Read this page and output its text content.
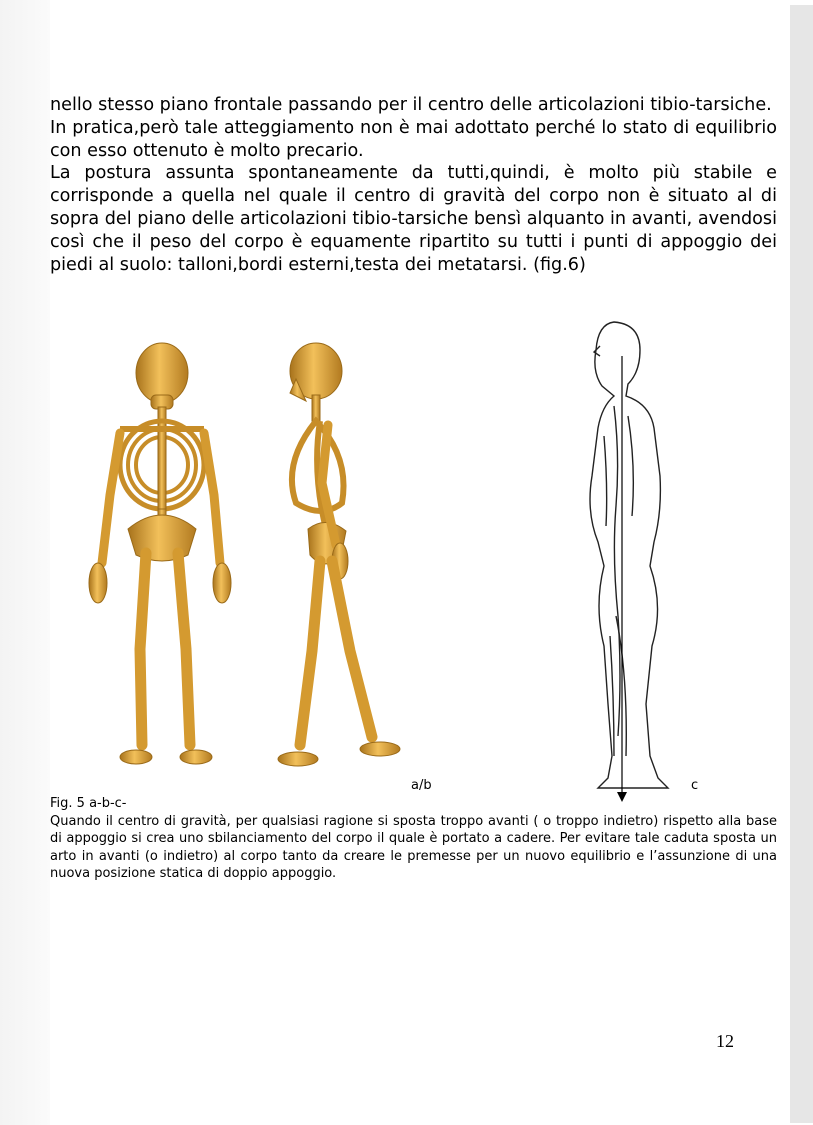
nello stesso piano frontale passando per il centro delle articolazioni tibio-tarsiche.

In pratica,però tale atteggiamento non è mai adottato perché lo stato di equilibrio con esso ottenuto è molto precario.

La postura assunta spontaneamente da tutti,quindi, è molto più stabile e corrisponde a quella nel quale il centro di gravità del corpo non è situato al di sopra del piano delle articolazioni tibio-tarsiche bensì alquanto in avanti, avendosi così che il peso del corpo è equamente ripartito su tutti i punti di appoggio dei piedi al suolo: talloni,bordi esterni,testa dei metatarsi. (fig.6)

a/b	c
Fig. 5 a-b-c-
Quando il centro di gravità, per qualsiasi ragione si sposta troppo avanti ( o troppo indietro) rispetto alla base di appoggio si crea uno sbilanciamento del corpo il quale è portato a cadere. Per evitare tale caduta sposta un arto in avanti (o indietro) al corpo tanto da creare le premesse per un nuovo equilibrio e l’assunzione di una nuova posizione statica di doppio appoggio.
12
